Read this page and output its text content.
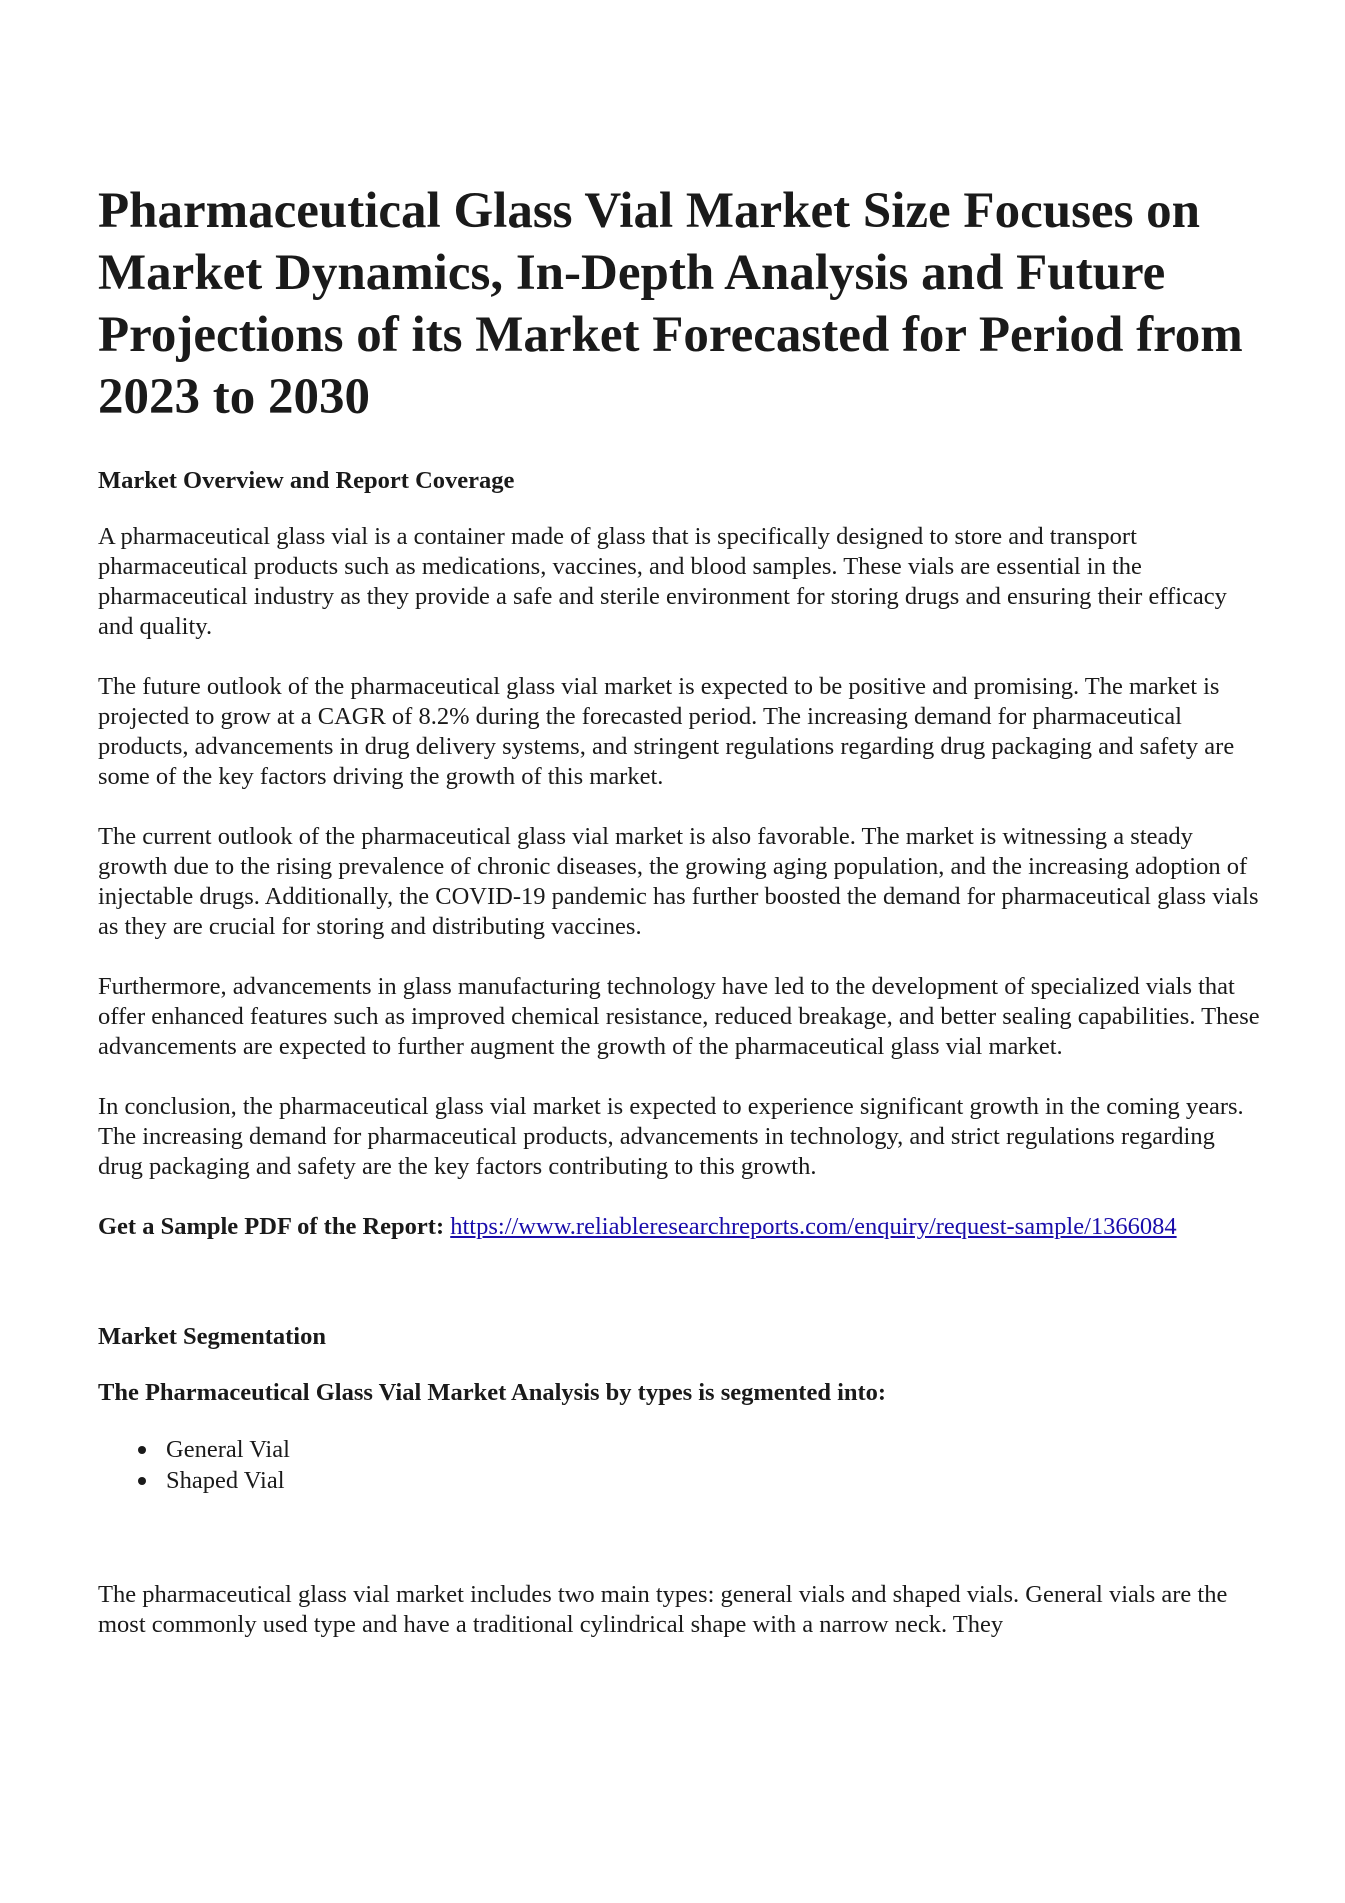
Pharmaceutical Glass Vial Market Size Focuses on Market Dynamics, In-Depth Analysis and Future Projections of its Market Forecasted for Period from 2023 to 2030
Market Overview and Report Coverage

A pharmaceutical glass vial is a container made of glass that is specifically designed to store and transport pharmaceutical products such as medications, vaccines, and blood samples. These vials are essential in the pharmaceutical industry as they provide a safe and sterile environment for storing drugs and ensuring their efficacy and quality.

The future outlook of the pharmaceutical glass vial market is expected to be positive and promising. The market is projected to grow at a CAGR of 8.2% during the forecasted period. The increasing demand for pharmaceutical products, advancements in drug delivery systems, and stringent regulations regarding drug packaging and safety are some of the key factors driving the growth of this market.

The current outlook of the pharmaceutical glass vial market is also favorable. The market is witnessing a steady growth due to the rising prevalence of chronic diseases, the growing aging population, and the increasing adoption of injectable drugs. Additionally, the COVID-19 pandemic has further boosted the demand for pharmaceutical glass vials as they are crucial for storing and distributing vaccines.

Furthermore, advancements in glass manufacturing technology have led to the development of specialized vials that offer enhanced features such as improved chemical resistance, reduced breakage, and better sealing capabilities. These advancements are expected to further augment the growth of the pharmaceutical glass vial market.

In conclusion, the pharmaceutical glass vial market is expected to experience significant growth in the coming years. The increasing demand for pharmaceutical products, advancements in technology, and strict regulations regarding drug packaging and safety are the key factors contributing to this growth.

Get a Sample PDF of the Report: https://www.reliableresearchreports.com/enquiry/request-sample/1366084

Market Segmentation
The Pharmaceutical Glass Vial Market Analysis by types is segmented into:
General Vial
Shaped Vial

The pharmaceutical glass vial market includes two main types: general vials and shaped vials. General vials are the most commonly used type and have a traditional cylindrical shape with a narrow neck. They
